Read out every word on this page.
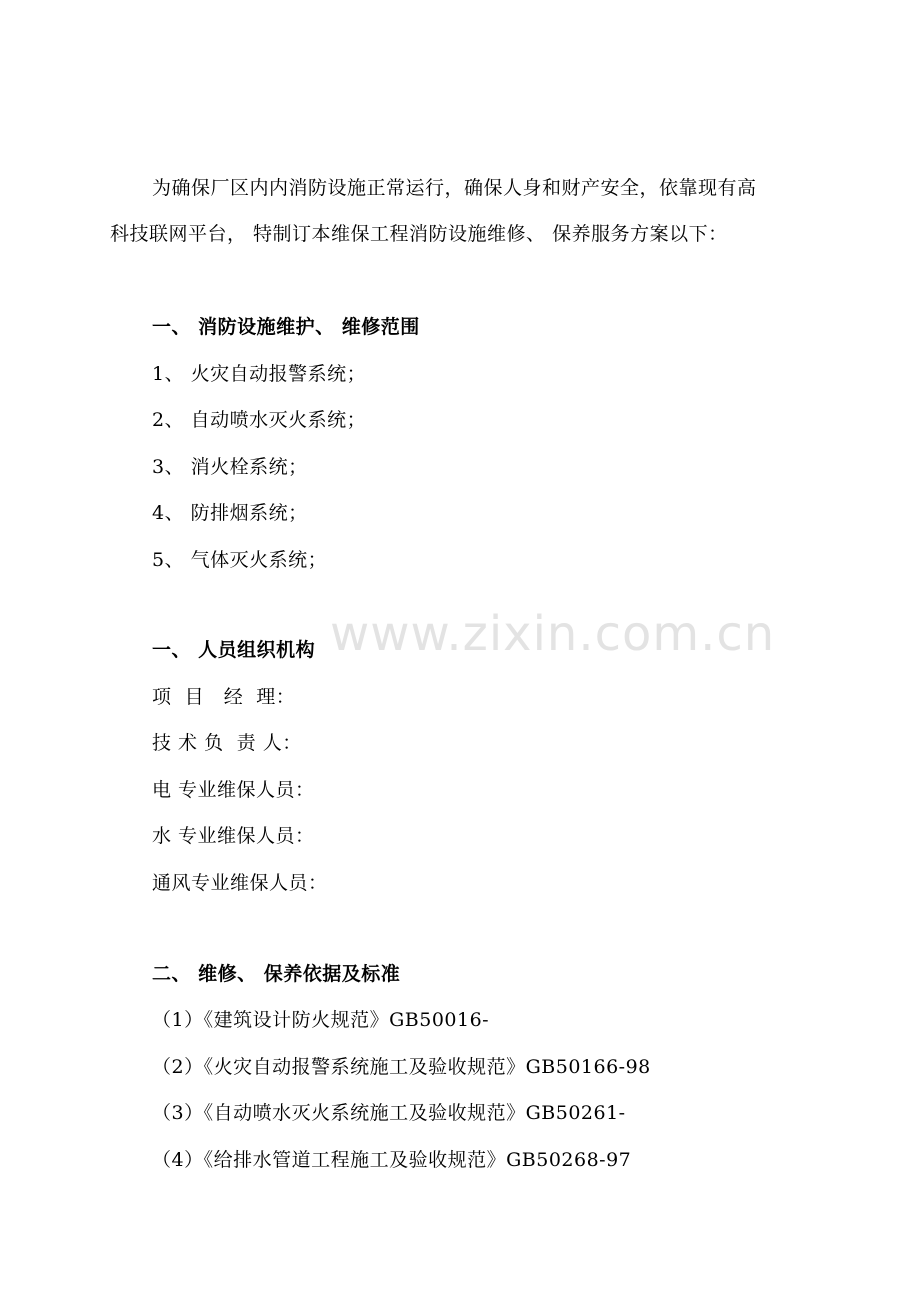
www.zixin.com.cn
为确保厂区内内消防设施正常运行，确保人身和财产安全，依靠现有高
科技联网平台， 特制订本维保工程消防设施维修、 保养服务方案以下：
一、 消防设施维护、 维修范围
1、 火灾自动报警系统；
2、 自动喷水灭火系统；
3、 消火栓系统；
4、 防排烟系统；
5、 气体灭火系统；
一、 人员组织机构
项  目   经  理：
技 术 负  责 人：
电 专业维保人员：
水 专业维保人员：
通风专业维保人员：
二、 维修、 保养依据及标准
（1）《建筑设计防火规范》GB50016-
（2）《火灾自动报警系统施工及验收规范》GB50166-98
（3）《自动喷水灭火系统施工及验收规范》GB50261-
（4）《给排水管道工程施工及验收规范》GB50268-97
